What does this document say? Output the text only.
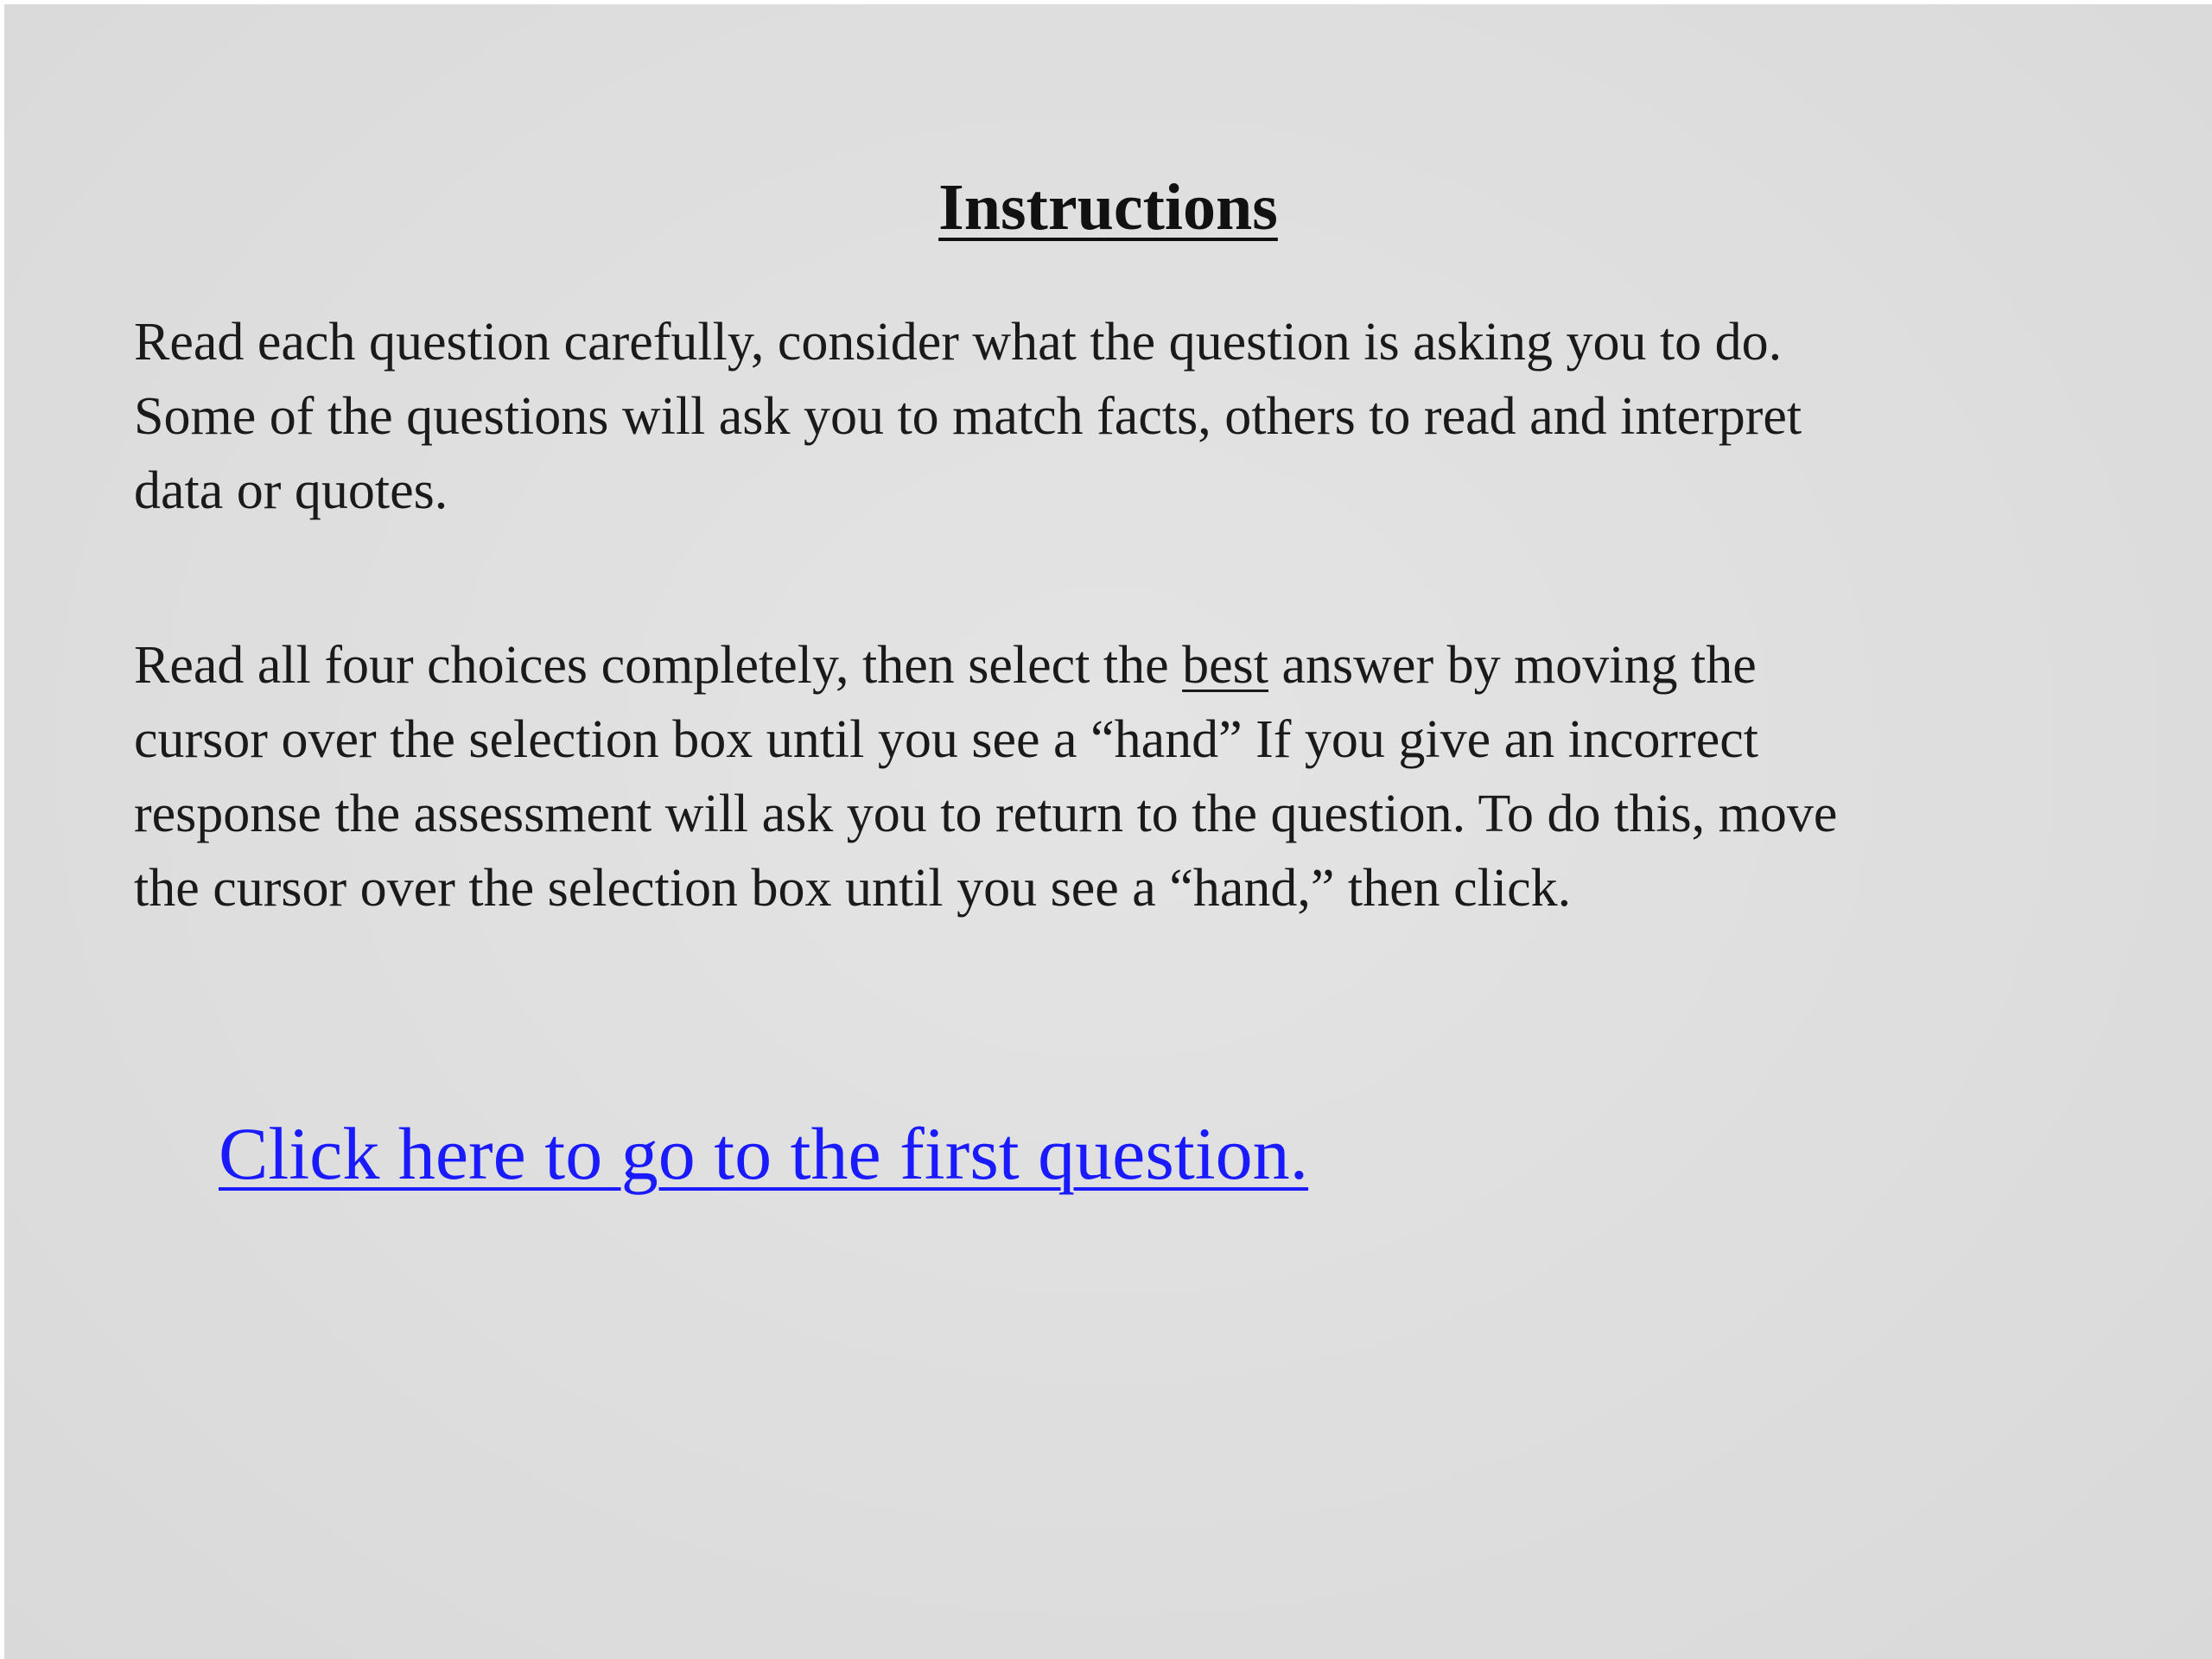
Instructions
Read each question carefully, consider what the question is asking you to do.
Some of the questions will ask you to match facts, others to read and interpret
data or quotes.
Read all four choices completely, then select the best answer by moving the
cursor over the selection box until you see a “hand” If you give an incorrect
response the assessment will ask you to return to the question. To do this, move
the cursor over the selection box until you see a “hand,” then click.
Click here to go to the first question.
